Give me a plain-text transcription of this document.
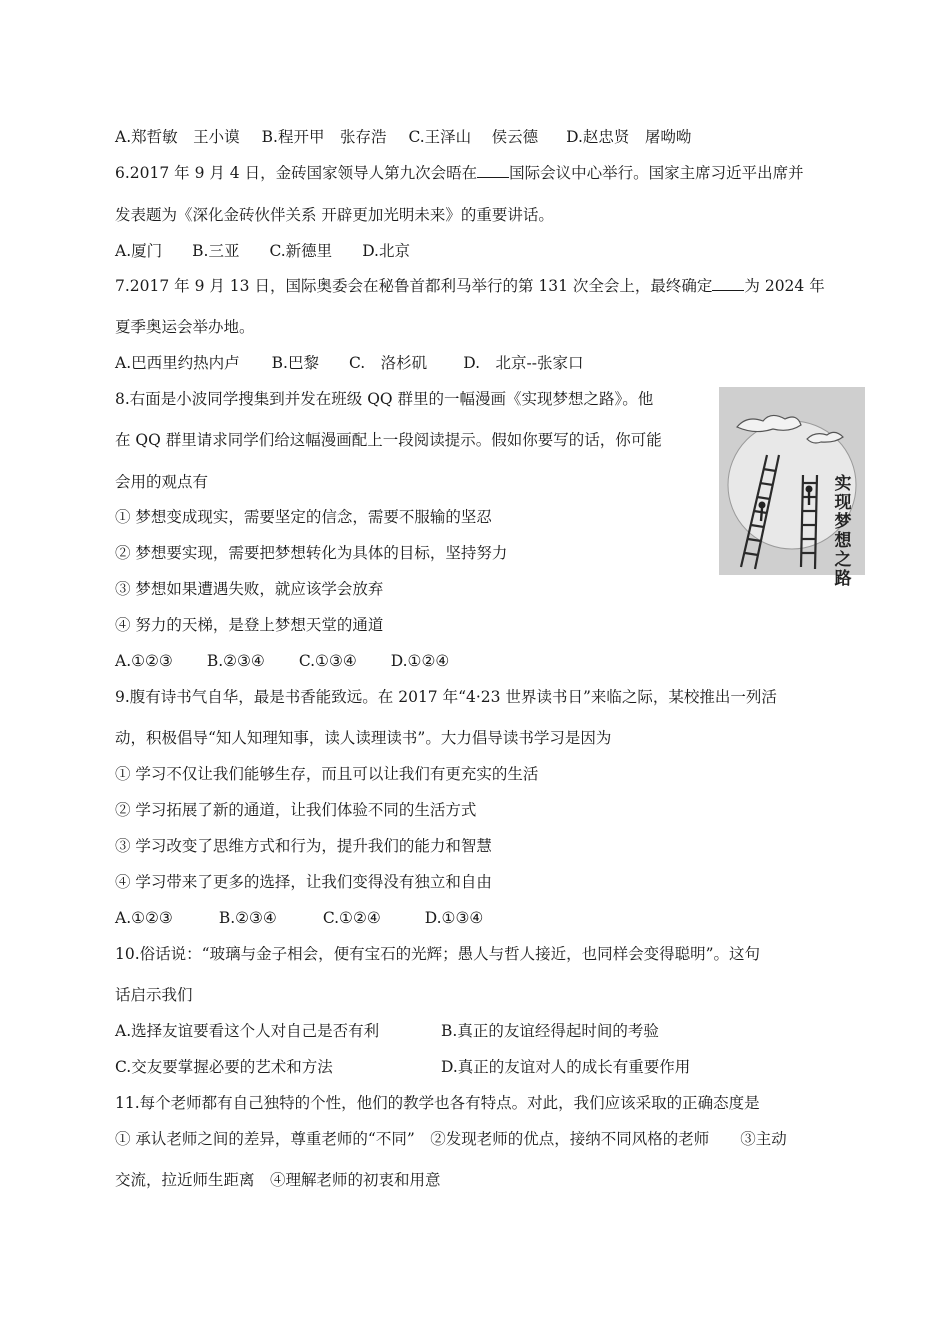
A.郑哲敏　王小谟 B.程开甲　张存浩 C.王泽山　 侯云德 D.赵忠贤　屠呦呦
6.2017 年 9 月 4 日，金砖国家领导人第九次会晤在 国际会议中心举行。国家主席习近平出席并
发表题为《深化金砖伙伴关系 开辟更加光明未来》的重要讲话。
A.厦门 B.三亚 C.新德里 D.北京
7.2017 年 9 月 13 日，国际奥委会在秘鲁首都利马举行的第 131 次全会上，最终确定 为 2024 年
夏季奥运会举办地。
A.巴西里约热内卢 B.巴黎 C.　洛杉矶 D.　北京--张家口
8.右面是小波同学搜集到并发在班级 QQ 群里的一幅漫画《实现梦想之路》。他
在 QQ 群里请求同学们给这幅漫画配上一段阅读提示。假如你要写的话，你可能
会用的观点有
① 梦想变成现实，需要坚定的信念，需要不服输的坚忍
② 梦想要实现，需要把梦想转化为具体的目标，坚持努力
③ 梦想如果遭遇失败，就应该学会放弃
④ 努力的天梯，是登上梦想天堂的通道
A.①②③ B.②③④ C.①③④ D.①②④
实
现
梦
想
之
路
9.腹有诗书气自华，最是书香能致远。在 2017 年“4·23 世界读书日”来临之际，某校推出一列活
动，积极倡导“知人知理知事，读人读理读书”。大力倡导读书学习是因为
① 学习不仅让我们能够生存，而且可以让我们有更充实的生活
② 学习拓展了新的通道，让我们体验不同的生活方式
③ 学习改变了思维方式和行为，提升我们的能力和智慧
④ 学习带来了更多的选择，让我们变得没有独立和自由
A.①②③	B.②③④	C.①②④	D.①③④
10.俗话说：“玻璃与金子相会，便有宝石的光辉；愚人与哲人接近，也同样会变得聪明”。这句
话启示我们
A.选择友谊要看这个人对自己是否有利	B.真正的友谊经得起时间的考验
C.交友要掌握必要的艺术和方法	D.真正的友谊对人的成长有重要作用
11.每个老师都有自己独特的个性，他们的教学也各有特点。对此，我们应该采取的正确态度是
① 承认老师之间的差异，尊重老师的“不同”　②发现老师的优点，接纳不同风格的老师　　③主动
交流，拉近师生距离　④理解老师的初衷和用意
